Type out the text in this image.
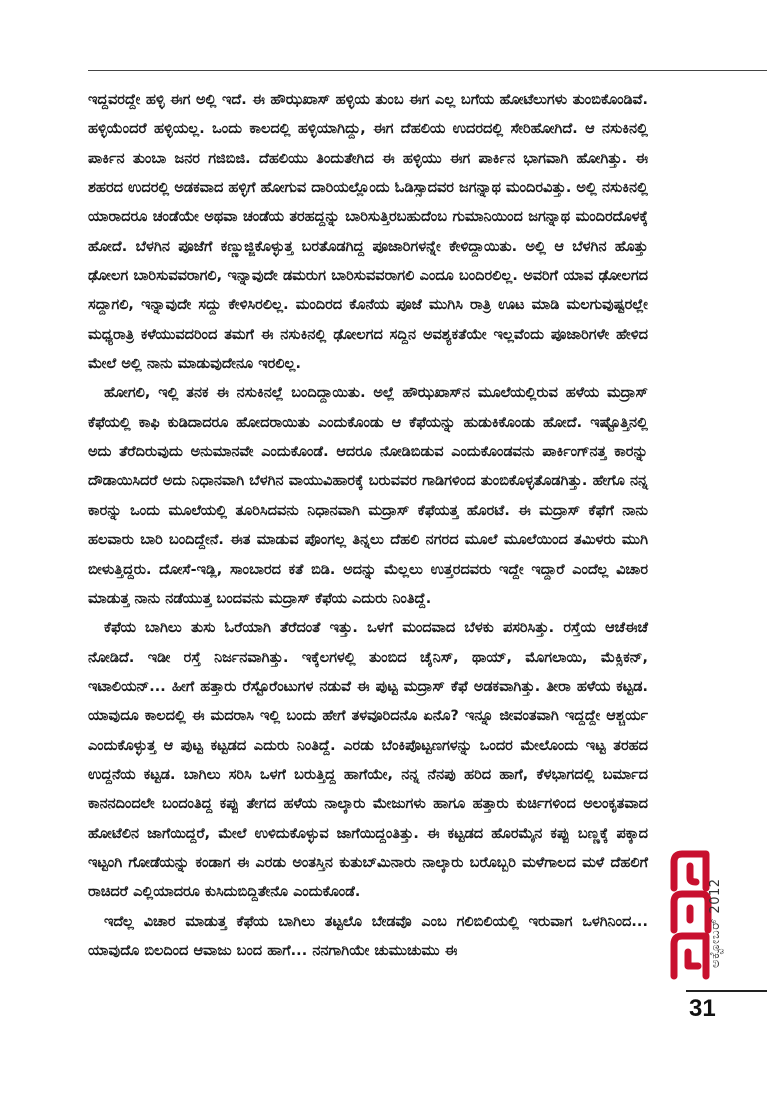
ಇದ್ದವರದ್ದೇ ಹಳ್ಳಿ ಈಗ ಅಲ್ಲಿ ಇದೆ. ಈ ಹೌಝಖಾಸ್ ಹಳ್ಳಿಯ ತುಂಬ ಈಗ ಎಲ್ಲ ಬಗೆಯ ಹೋಟೆಲುಗಳು ತುಂಬಿಕೊಂಡಿವೆ. ಹಳ್ಳಿಯೆಂದರೆ ಹಳ್ಳಿಯಲ್ಲ. ಒಂದು ಕಾಲದಲ್ಲಿ ಹಳ್ಳಿಯಾಗಿದ್ದು, ಈಗ ದೆಹಲಿಯ ಉದರದಲ್ಲಿ ಸೇರಿಹೋಗಿದೆ. ಆ ನಸುಕಿನಲ್ಲಿ ಪಾರ್ಕಿನ ತುಂಬಾ ಜನರ ಗಜಿಬಿಜಿ. ದೆಹಲಿಯು ತಿಂದುತೇಗಿದ ಈ ಹಳ್ಳಿಯು ಈಗ ಪಾರ್ಕಿನ ಭಾಗವಾಗಿ ಹೋಗಿತ್ತು. ಈ ಶಹರದ ಉದರಲ್ಲಿ ಅಡಕವಾದ ಹಳ್ಳಿಗೆ ಹೋಗುವ ದಾರಿಯಲ್ಲೊಂದು ಓಡಿಸ್ಸಾದವರ ಜಗನ್ನಾಥ ಮಂದಿರವಿತ್ತು. ಅಲ್ಲಿ ನಸುಕಿನಲ್ಲಿ ಯಾರಾದರೂ ಚಂಡೆಯೇ ಅಥವಾ ಚಂಡೆಯ ತರಹದ್ದನ್ನು ಬಾರಿಸುತ್ತಿರಬಹುದೆಂಬ ಗುಮಾನಿಯಿಂದ ಜಗನ್ನಾಥ ಮಂದಿರದೊಳಕ್ಕೆ ಹೋದೆ. ಬೆಳಗಿನ ಪೂಜೆಗೆ ಕಣ್ಣುಜ್ಜಿಕೊಳ್ಳುತ್ತ ಬರತೊಡಗಿದ್ದ ಪೂಜಾರಿಗಳನ್ನೇ ಕೇಳಿದ್ದಾಯಿತು. ಅಲ್ಲಿ ಆ ಬೆಳಗಿನ ಹೊತ್ತು ಢೋಲಗ ಬಾರಿಸುವವರಾಗಲಿ, ಇನ್ನಾವುದೇ ಡಮರುಗ ಬಾರಿಸುವವರಾಗಲಿ ಎಂದೂ ಬಂದಿರಲಿಲ್ಲ. ಅವರಿಗೆ ಯಾವ ಢೋಲಗದ ಸದ್ದಾಗಲಿ, ಇನ್ನಾವುದೇ ಸದ್ದು ಕೇಳಿಸಿರಲಿಲ್ಲ. ಮಂದಿರದ ಕೊನೆಯ ಪೂಜೆ ಮುಗಿಸಿ ರಾತ್ರಿ ಊಟ ಮಾಡಿ ಮಲಗುವುಷ್ಟರಲ್ಲೇ ಮಧ್ಯರಾತ್ರಿ ಕಳೆಯುವದರಿಂದ ತಮಗೆ ಈ ನಸುಕಿನಲ್ಲಿ ಢೋಲಗದ ಸದ್ದಿನ ಅವಶ್ಯಕತೆಯೇ ಇಲ್ಲವೆಂದು ಪೂಜಾರಿಗಳೇ ಹೇಳಿದ ಮೇಲೆ ಅಲ್ಲಿ ನಾನು ಮಾಡುವುದೇನೂ ಇರಲಿಲ್ಲ.

ಹೋಗಲಿ, ಇಲ್ಲಿ ತನಕ ಈ ನಸುಕಿನಲ್ಲೆ ಬಂದಿದ್ದಾಯಿತು. ಅಲ್ಲೆ ಹೌಝಖಾಸ್‌ನ ಮೂಲೆಯಲ್ಲಿರುವ ಹಳೆಯ ಮದ್ರಾಸ್ ಕೆಫೆಯಲ್ಲಿ ಕಾಫಿ ಕುಡಿದಾದರೂ ಹೋದರಾಯಿತು ಎಂದುಕೊಂಡು ಆ ಕೆಫೆಯನ್ನು ಹುಡುಕಿಕೊಂಡು ಹೋದೆ. ಇಷ್ಟೊತ್ತಿನಲ್ಲಿ ಅದು ತೆರೆದಿರುವುದು ಅನುಮಾನವೇ ಎಂದುಕೊಂಡೆ. ಆದರೂ ನೋಡಿಬಿಡುವ ಎಂದುಕೊಂಡವನು ಪಾರ್ಕಿಂಗ್‌ನತ್ತ ಕಾರನ್ನು ದೌಡಾಯಿಸಿದರೆ ಅದು ನಿಧಾನವಾಗಿ ಬೆಳಗಿನ ವಾಯುವಿಹಾರಕ್ಕೆ ಬರುವವರ ಗಾಡಿಗಳಿಂದ ತುಂಬಿಕೊಳ್ಳತೊಡಗಿತ್ತು. ಹೇಗೊ ನನ್ನ ಕಾರನ್ನು ಒಂದು ಮೂಲೆಯಲ್ಲಿ ತೂರಿಸಿದವನು ನಿಧಾನವಾಗಿ ಮದ್ರಾಸ್ ಕೆಫೆಯತ್ತ ಹೊರಟೆ. ಈ ಮದ್ರಾಸ್ ಕೆಫೆಗೆ ನಾನು ಹಲವಾರು ಬಾರಿ ಬಂದಿದ್ದೇನೆ. ಈತ ಮಾಡುವ ಪೊಂಗಲ್ಲ ತಿನ್ನಲು ದೆಹಲಿ ನಗರದ ಮೂಲೆ ಮೂಲೆಯಿಂದ ತಮಿಳರು ಮುಗಿ ಬೀಳುತ್ತಿದ್ದರು. ದೋಸೆ-ಇಡ್ಲಿ, ಸಾಂಬಾರದ ಕತೆ ಬಿಡಿ. ಅದನ್ನು ಮೆಲ್ಲಲು ಉತ್ತರದವರು ಇದ್ದೇ ಇದ್ದಾರೆ ಎಂದೆಲ್ಲ ವಿಚಾರ ಮಾಡುತ್ತ ನಾನು ನಡೆಯುತ್ತ ಬಂದವನು ಮದ್ರಾಸ್ ಕೆಫೆಯ ಎದುರು ನಿಂತಿದ್ದೆ.

ಕೆಫೆಯ ಬಾಗಿಲು ತುಸು ಓರೆಯಾಗಿ ತೆರೆದಂತೆ ಇತ್ತು. ಒಳಗೆ ಮಂದವಾದ ಬೆಳಕು ಪಸರಿಸಿತ್ತು. ರಸ್ತೆಯ ಆಚೆಈಚೆ ನೋಡಿದೆ. ಇಡೀ ರಸ್ತೆ ನಿರ್ಜನವಾಗಿತ್ತು. ಇಕ್ಕೆಲಗಳಲ್ಲಿ ತುಂಬಿದ ಚೈನಿಸ್, ಥಾಯ್, ಮೊಗಲಾಯಿ, ಮೆಕ್ಸಿಕನ್, ಇಟಾಲಿಯನ್... ಹೀಗೆ ಹತ್ತಾರು ರೆಸ್ಟೊರೆಂಟುಗಳ ನಡುವೆ ಈ ಪುಟ್ಟ ಮದ್ರಾಸ್ ಕೆಫೆ ಅಡಕವಾಗಿತ್ತು. ತೀರಾ ಹಳೆಯ ಕಟ್ಟಡ. ಯಾವುದೂ ಕಾಲದಲ್ಲಿ ಈ ಮದರಾಸಿ ಇಲ್ಲಿ ಬಂದು ಹೇಗೆ ತಳವೂರಿದನೊ ಏನೊ? ಇನ್ನೂ ಜೀವಂತವಾಗಿ ಇದ್ದದ್ದೇ ಆಶ್ಚರ್ಯ ಎಂದುಕೊಳ್ಳುತ್ತ ಆ ಪುಟ್ಟ ಕಟ್ಟಡದ ಎದುರು ನಿಂತಿದ್ದೆ. ಎರಡು ಬೆಂಕಿಪೊಟ್ಟಣಗಳನ್ನು ಒಂದರ ಮೇಲೊಂದು ಇಟ್ಟ ತರಹದ ಉದ್ದನೆಯ ಕಟ್ಟಡ. ಬಾಗಿಲು ಸರಿಸಿ ಒಳಗೆ ಬರುತ್ತಿದ್ದ ಹಾಗೆಯೇ, ನನ್ನ ನೆನಪು ಹರಿದ ಹಾಗೆ, ಕೆಳಭಾಗದಲ್ಲಿ ಬರ್ಮಾದ ಕಾನನದಿಂದಲೇ ಬಂದಂತಿದ್ದ ಕಪ್ಪು ತೇಗದ ಹಳೆಯ ನಾಲ್ಕಾರು ಮೇಜುಗಳು ಹಾಗೂ ಹತ್ತಾರು ಕುರ್ಚಿಗಳಿಂದ ಅಲಂಕೃತವಾದ ಹೋಟೆಲಿನ ಜಾಗೆಯಿದ್ದರೆ, ಮೇಲೆ ಉಳಿದುಕೊಳ್ಳುವ ಜಾಗೆಯಿದ್ದಂತಿತ್ತು. ಈ ಕಟ್ಟಡದ ಹೊರಮೈನ ಕಪ್ಪು ಬಣ್ಣಕ್ಕೆ ಪಕ್ಕಾದ ಇಟ್ಟಂಗಿ ಗೋಡೆಯನ್ನು ಕಂಡಾಗ ಈ ಎರಡು ಅಂತಸ್ತಿನ ಕುತುಬ್‌ಮಿನಾರು ನಾಲ್ಕಾರು ಬರೊಬ್ಬರಿ ಮಳೆಗಾಲದ ಮಳೆ ದೆಹಲಿಗೆ ರಾಚಿದರೆ ಎಲ್ಲಿಯಾದರೂ ಕುಸಿದುಬಿದ್ದಿತೇನೊ ಎಂದುಕೊಂಡೆ.

ಇದೆಲ್ಲ ವಿಚಾರ ಮಾಡುತ್ತ ಕೆಫೆಯ ಬಾಗಿಲು ತಟ್ಟಲೊ ಬೇಡವೊ ಎಂಬ ಗಲಿಬಿಲಿಯಲ್ಲಿ ಇರುವಾಗ ಒಳಗಿನಿಂದ... ಯಾವುದೊ ಬಿಲದಿಂದ ಆವಾಜು ಬಂದ ಹಾಗೆ... ನನಗಾಗಿಯೇ ಚುಮುಚುಮು ಈ	ಅಕ್ಟೋಬರ್ 2012
31
